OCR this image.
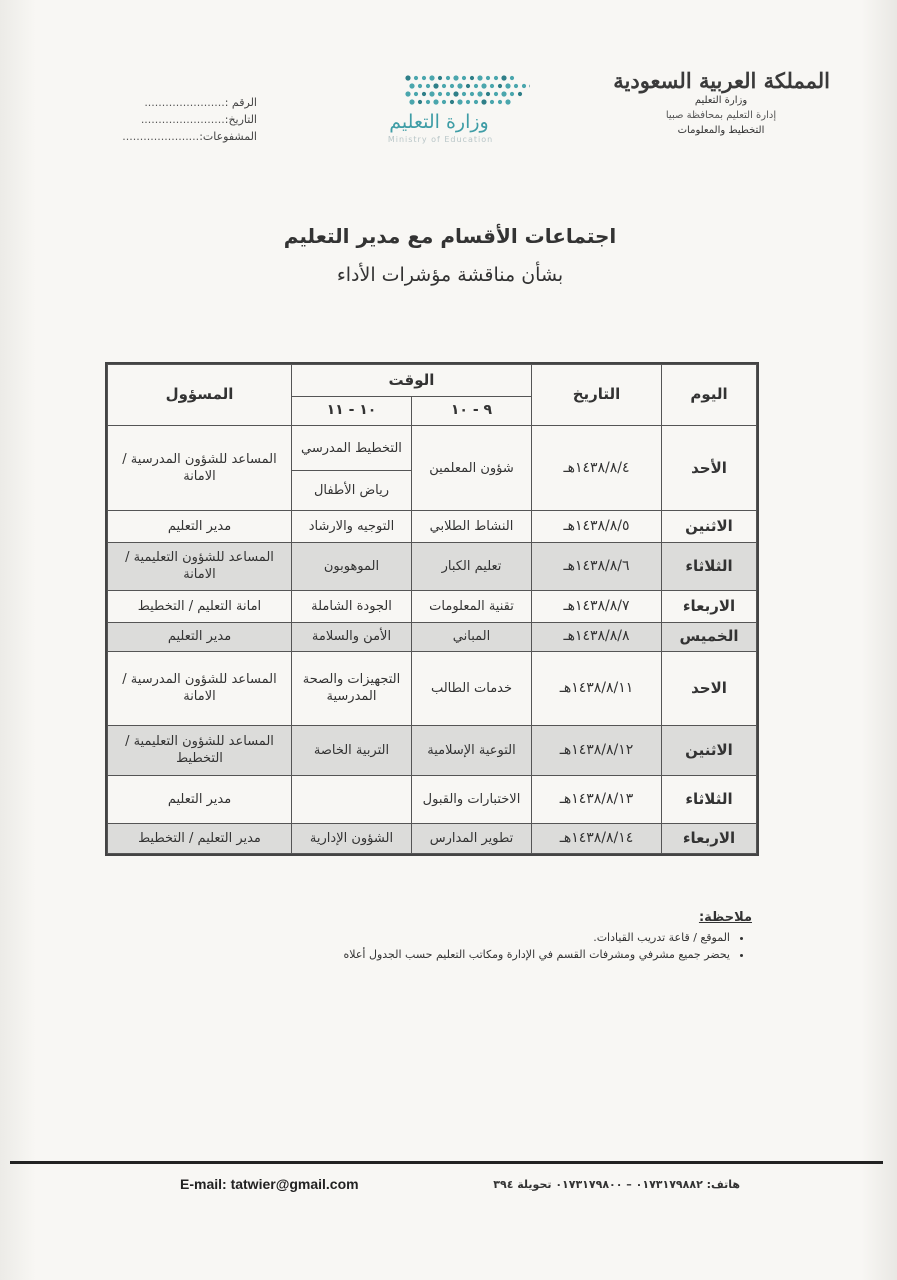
المملكة العربية السعودية
وزارة التعليم
إدارة التعليم بمحافظة صبيا
التخطيط والمعلومات
وزارة التعليم
Ministry of Education
الرقم :
.......................
التاريخ:
........................
المشفوعات:
......................
اجتماعات الأقسام مع مدير التعليم
بشأن مناقشة مؤشرات الأداء
اليوم	التاريخ	الوقت		المسؤول
		٩ - ١٠	١٠ - ١١	
الأحد	١٤٣٨/٨/٤هـ	شؤون المعلمين	التخطيط المدرسي	المساعد للشؤون المدرسية / الامانة
			رياض الأطفال	
الاثنين	١٤٣٨/٨/٥هـ	النشاط الطلابي	التوجيه والارشاد	مدير التعليم
الثلاثاء	١٤٣٨/٨/٦هـ	تعليم الكبار	الموهوبون	المساعد للشؤون التعليمية / الامانة
الاربعاء	١٤٣٨/٨/٧هـ	تقنية المعلومات	الجودة الشاملة	امانة التعليم / التخطيط
الخميس	١٤٣٨/٨/٨هـ	المباني	الأمن والسلامة	مدير التعليم
الاحد	١٤٣٨/٨/١١هـ	خدمات الطالب	التجهيزات والصحة المدرسية	المساعد للشؤون المدرسية / الامانة
الاثنين	١٤٣٨/٨/١٢هـ	التوعية الإسلامية	التربية الخاصة	المساعد للشؤون التعليمية / التخطيط
الثلاثاء	١٤٣٨/٨/١٣هـ	الاختبارات والقبول		مدير التعليم
الاربعاء	١٤٣٨/٨/١٤هـ	تطوير المدارس	الشؤون الإدارية	مدير التعليم / التخطيط
ملاحظة:
• الموقع / قاعة تدريب القيادات.
• يحضر جميع مشرفي ومشرفات القسم في الإدارة ومكاتب التعليم حسب الجدول أعلاه
E-mail: tatwier@gmail.com	هاتف: ٠١٧٣١٧٩٨٨٢ – ٠١٧٣١٧٩٨٠٠ تحويلة ٣٩٤
